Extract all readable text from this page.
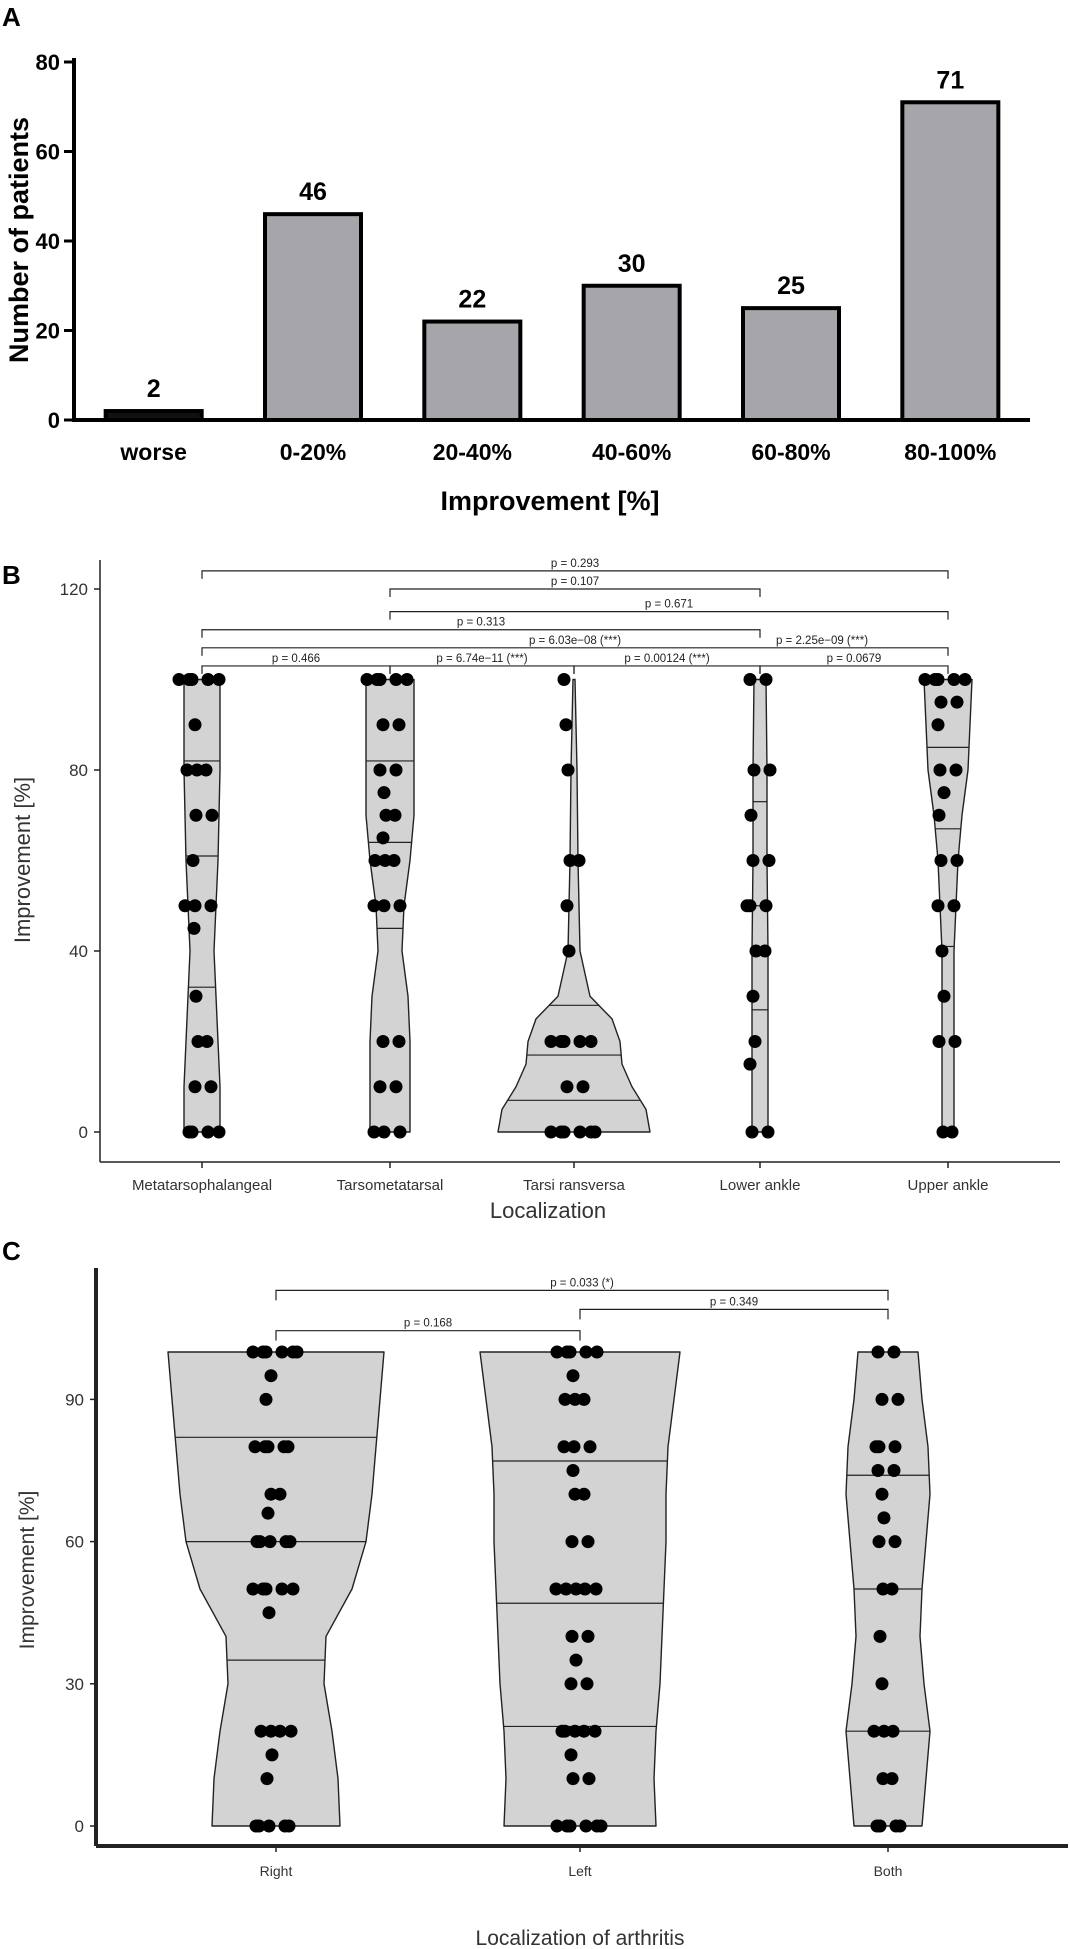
A
B
C
0
20
40
60
80
2
worse
46
0-20%
22
20-40%
30
40-60%
25
60-80%
71
80-100%
Improvement [%]
Number of patients
0
40
80
120
Metatarsophalangeal	Tarsometatarsal	Tarsi ransversa	Lower ankle	Upper ankle
p = 0.293
p = 0.107
p = 0.671
p = 0.313
p = 6.03e−08 (***)
p = 0.466	p = 6.74e−11 (***)	p = 0.00124 (***)	p = 0.0679
Localization
Improvement [%]
p = 2.25e−09 (***)
0
30
60
90
Right	Left	Both
p = 0.033 (*)
p = 0.168
p = 0.349
Localization of arthritis
Improvement [%]
